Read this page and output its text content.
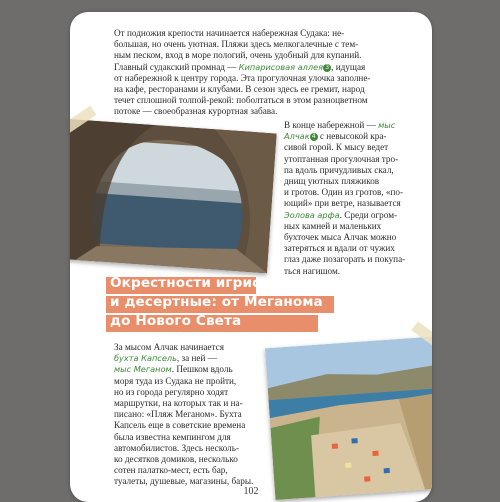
От подножия крепости начинается набережная Судака: не-
большая, но очень уютная. Пляжи здесь мелкогалечные с тем-
ным песком, вход в море пологий, очень удобный для купаний.
Главный судакский промнад — Кипарисовая аллея 3 , идущая
от набережной к центру города. Эта прогулочная улочка заполне-
на кафе, ресторанами и клубами. В сезон здесь ее гремит, народ
течет сплошной толпой-рекой: поболтаться в этом разноцветном
потоке — своеобразная курортная забава.

В конце набережной — мыс
Алчак 4 с невысокой кра-
сивой горой. К мысу ведет
утоптанная прогулочная тро-
па вдоль причудливых скал,
днищ уютных пляжиков
и гротов. Один из гротов, «по-
ющий» при ветре, называется
Эолова арфа. Среди огром-
ных камней и маленьких
бухточек мыса Алчак можно
затеряться и вдали от чужих
глаз даже позагорать и покупа-
ться нагишом.

Окрестности игристые
и десертные: от Меганома
до Нового Света

За мысом Алчак начинается
бухта Капсель, за ней —
мыс Меганом. Пешком вдоль
моря туда из Судака не пройти,
но из города регулярно ходят
маршрутки, на которых так и на-
писано: «Пляж Меганом». Бухта
Капсель еще в советские времена
была известна кемпингом для
автомобилистов. Здесь несколь-
ко десятков домиков, несколько
сотен палатко-мест, есть бар,
туалеты, душевые, магазины, бары.

102
